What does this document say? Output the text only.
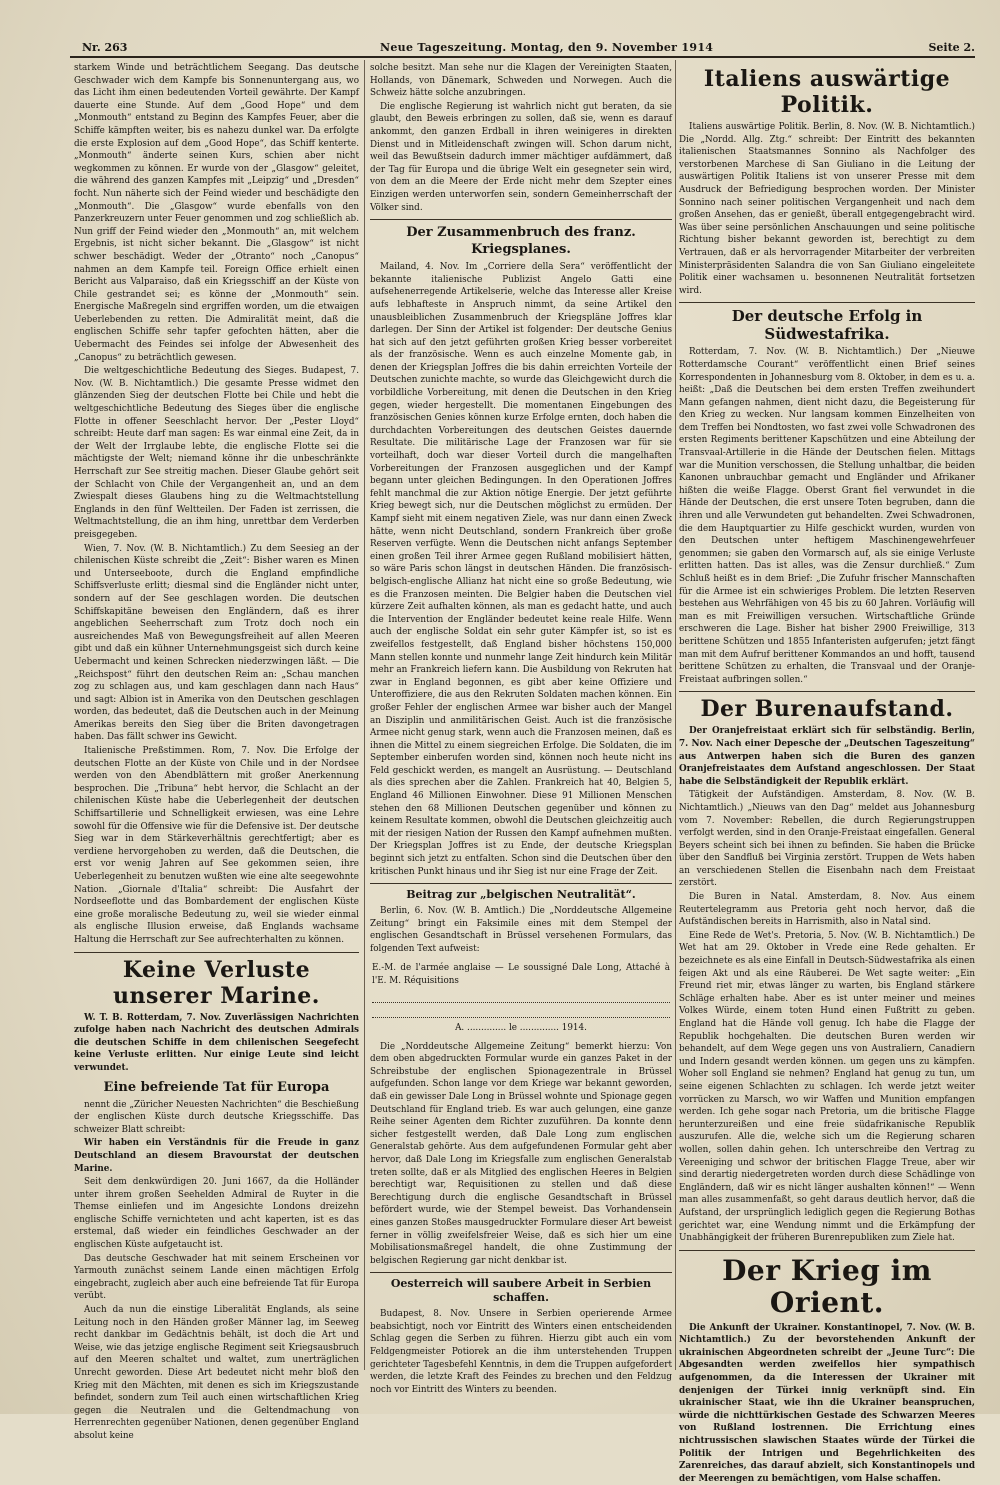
Nr. 263	Neue Tageszeitung. Montag, den 9. November 1914	Seite 2.

starkem Winde und beträchtlichem Seegang. Das deutsche Geschwader wich dem Kampfe bis Sonnenuntergang aus, wo das Licht ihm einen bedeutenden Vorteil gewährte. Der Kampf dauerte eine Stunde. Auf dem „Good Hope“ und dem „Monmouth“ entstand zu Beginn des Kampfes Feuer, aber die Schiffe kämpften weiter, bis es nahezu dunkel war. Da erfolgte die erste Explosion auf dem „Good Hope“, das Schiff kenterte. „Monmouth“ änderte seinen Kurs, schien aber nicht wegkommen zu können. Er wurde von der „Glasgow“ geleitet, die während des ganzen Kampfes mit „Leipzig“ und „Dresden“ focht. Nun näherte sich der Feind wieder und beschädigte den „Monmouth“. Die „Glasgow“ wurde ebenfalls von den Panzerkreuzern unter Feuer genommen und zog schließlich ab. Nun griff der Feind wieder den „Monmouth“ an, mit welchem Ergebnis, ist nicht sicher bekannt. Die „Glasgow“ ist nicht schwer beschädigt. Weder der „Otranto“ noch „Canopus“ nahmen an dem Kampfe teil. Foreign Office erhielt einen Bericht aus Valparaiso, daß ein Kriegsschiff an der Küste von Chile gestrandet sei; es könne der „Monmouth“ sein. Energische Maßregeln sind ergriffen worden, um die etwaigen Ueberlebenden zu retten. Die Admiralität meint, daß die englischen Schiffe sehr tapfer gefochten hätten, aber die Uebermacht des Feindes sei infolge der Abwesenheit des „Canopus“ zu beträchtlich gewesen.

Die weltgeschichtliche Bedeutung des Sieges. Budapest, 7. Nov. (W. B. Nichtamtlich.) Die gesamte Presse widmet den glänzenden Sieg der deutschen Flotte bei Chile und hebt die weltgeschichtliche Bedeutung des Sieges über die englische Flotte in offener Seeschlacht hervor. Der „Pester Lloyd“ schreibt: Heute darf man sagen: Es war einmal eine Zeit, da in der Welt der Irrglaube lebte, die englische Flotte sei die mächtigste der Welt; niemand könne ihr die unbeschränkte Herrschaft zur See streitig machen. Dieser Glaube gehört seit der Schlacht von Chile der Vergangenheit an, und an dem Zwiespalt dieses Glaubens hing zu die Weltmachtstellung Englands in den fünf Weltteilen. Der Faden ist zerrissen, die Weltmachtstellung, die an ihm hing, unrettbar dem Verderben preisgegeben.

Wien, 7. Nov. (W. B. Nichtamtlich.) Zu dem Seesieg an der chilenischen Küste schreibt die „Zeit“: Bisher waren es Minen und Unterseeboote, durch die England empfindliche Schiffsverluste erlitt; diesmal sind die Engländer nicht unter, sondern auf der See geschlagen worden. Die deutschen Schiffskapitäne beweisen den Engländern, daß es ihrer angeblichen Seeherrschaft zum Trotz doch noch ein ausreichendes Maß von Bewegungsfreiheit auf allen Meeren gibt und daß ein kühner Unternehmungsgeist sich durch keine Uebermacht und keinen Schrecken niederzwingen läßt. — Die „Reichspost“ führt den deutschen Reim an: „Schau manchen zog zu schlagen aus, und kam geschlagen dann nach Haus“ und sagt: Albion ist in Amerika von den Deutschen geschlagen worden, das bedeutet, daß die Deutschen auch in der Meinung Amerikas bereits den Sieg über die Briten davongetragen haben. Das fällt schwer ins Gewicht.

Italienische Preßstimmen. Rom, 7. Nov. Die Erfolge der deutschen Flotte an der Küste von Chile und in der Nordsee werden von den Abendblättern mit großer Anerkennung besprochen. Die „Tribuna“ hebt hervor, die Schlacht an der chilenischen Küste habe die Ueberlegenheit der deutschen Schiffsartillerie und Schnelligkeit erwiesen, was eine Lehre sowohl für die Offensive wie für die Defensive ist. Der deutsche Sieg war in dem Stärkeverhältnis gerechtfertigt; aber es verdiene hervorgehoben zu werden, daß die Deutschen, die erst vor wenig Jahren auf See gekommen seien, ihre Ueberlegenheit zu benutzen wußten wie eine alte seegewohnte Nation. „Giornale d'Italia“ schreibt: Die Ausfahrt der Nordseeflotte und das Bombardement der englischen Küste eine große moralische Bedeutung zu, weil sie wieder einmal als englische Illusion erweise, daß Englands wachsame Haltung die Herrschaft zur See aufrechterhalten zu können.

Keine Verluste unserer Marine.

W. T. B. Rotterdam, 7. Nov. Zuverlässigen Nachrichten zufolge haben nach Nachricht des deutschen Admirals die deutschen Schiffe in dem chilenischen Seegefecht keine Verluste erlitten. Nur einige Leute sind leicht verwundet.

Eine befreiende Tat für Europa

nennt die „Züricher Neuesten Nachrichten“ die Beschießung der englischen Küste durch deutsche Kriegsschiffe. Das schweizer Blatt schreibt:

Wir haben ein Verständnis für die Freude in ganz Deutschland an diesem Bravourstat der deutschen Marine.

Seit dem denkwürdigen 20. Juni 1667, da die Holländer unter ihrem großen Seehelden Admiral de Ruyter in die Themse einliefen und im Angesichte Londons dreizehn englische Schiffe vernichteten und acht kaperten, ist es das erstemal, daß wieder ein feindliches Geschwader an der englischen Küste aufgetaucht ist.

Das deutsche Geschwader hat mit seinem Erscheinen vor Yarmouth zunächst seinem Lande einen mächtigen Erfolg eingebracht, zugleich aber auch eine befreiende Tat für Europa verübt.

Auch da nun die einstige Liberalität Englands, als seine Leitung noch in den Händen großer Männer lag, im Seeweg recht dankbar im Gedächtnis behält, ist doch die Art und Weise, wie das jetzige englische Regiment seit Kriegsausbruch auf den Meeren schaltet und waltet, zum unerträglichen Unrecht geworden. Diese Art bedeutet nicht mehr bloß den Krieg mit den Mächten, mit denen es sich im Kriegszustande befindet, sondern zum Teil auch einen wirtschaftlichen Krieg gegen die Neutralen und die Geltendmachung von Herrenrechten gegenüber Nationen, denen gegenüber England absolut keine

solche besitzt. Man sehe nur die Klagen der Vereinigten Staaten, Hollands, von Dänemark, Schweden und Norwegen. Auch die Schweiz hätte solche anzubringen.

Die englische Regierung ist wahrlich nicht gut beraten, da sie glaubt, den Beweis erbringen zu sollen, daß sie, wenn es darauf ankommt, den ganzen Erdball in ihren weinigeres in direkten Dienst und in Mitleidenschaft zwingen will. Schon darum nicht, weil das Bewußtsein dadurch immer mächtiger aufdämmert, daß der Tag für Europa und die übrige Welt ein gesegneter sein wird, von dem an die Meere der Erde nicht mehr dem Szepter eines Einzigen werden unterworfen sein, sondern Gemeinherrschaft der Völker sind.

Der Zusammenbruch des franz. Kriegsplanes.

Mailand, 4. Nov. Im „Corriere della Sera“ veröffentlicht der bekannte italienische Publizist Angelo Gatti eine aufsehenerregende Artikelserie, welche das Interesse aller Kreise aufs lebhafteste in Anspruch nimmt, da seine Artikel den unausbleiblichen Zusammenbruch der Kriegspläne Joffres klar darlegen. Der Sinn der Artikel ist folgender: Der deutsche Genius hat sich auf den jetzt geführten großen Krieg besser vorbereitet als der französische. Wenn es auch einzelne Momente gab, in denen der Kriegsplan Joffres die bis dahin erreichten Vorteile der Deutschen zunichte machte, so wurde das Gleichgewicht durch die vorbildliche Vorbereitung, mit denen die Deutschen in den Krieg gegen, wieder hergestellt. Die momentanen Eingebungen des französischen Genies können kurze Erfolge ernten, doch haben die durchdachten Vorbereitungen des deutschen Geistes dauernde Resultate. Die militärische Lage der Franzosen war für sie vorteilhaft, doch war dieser Vorteil durch die mangelhaften Vorbereitungen der Franzosen ausgeglichen und der Kampf begann unter gleichen Bedingungen. In den Operationen Joffres fehlt manchmal die zur Aktion nötige Energie. Der jetzt geführte Krieg bewegt sich, nur die Deutschen möglichst zu ermüden. Der Kampf sieht mit einem negativen Ziele, was nur dann einen Zweck hätte, wenn nicht Deutschland, sondern Frankreich über große Reserven verfügte. Wenn die Deutschen nicht anfangs September einen großen Teil ihrer Armee gegen Rußland mobilisiert hätten, so wäre Paris schon längst in deutschen Händen. Die französisch-belgisch-englische Allianz hat nicht eine so große Bedeutung, wie es die Franzosen meinten. Die Belgier haben die Deutschen viel kürzere Zeit aufhalten können, als man es gedacht hatte, und auch die Intervention der Engländer bedeutet keine reale Hilfe. Wenn auch der englische Soldat ein sehr guter Kämpfer ist, so ist es zweifellos festgestellt, daß England bisher höchstens 150,000 Mann stellen konnte und nunmehr lange Zeit hindurch kein Militär mehr an Frankreich liefern kann. Die Ausbildung von Rekruten hat zwar in England begonnen, es gibt aber keine Offiziere und Unteroffiziere, die aus den Rekruten Soldaten machen können. Ein großer Fehler der englischen Armee war bisher auch der Mangel an Disziplin und anmilitärischen Geist. Auch ist die französische Armee nicht genug stark, wenn auch die Franzosen meinen, daß es ihnen die Mittel zu einem siegreichen Erfolge. Die Soldaten, die im September einberufen worden sind, können noch heute nicht ins Feld geschickt werden, es mangelt an Ausrüstung. — Deutschland als dies sprechen aber die Zahlen. Frankreich hat 40, Belgien 5, England 46 Millionen Einwohner. Diese 91 Millionen Menschen stehen den 68 Millionen Deutschen gegenüber und können zu keinem Resultate kommen, obwohl die Deutschen gleichzeitig auch mit der riesigen Nation der Russen den Kampf aufnehmen mußten. Der Kriegsplan Joffres ist zu Ende, der deutsche Kriegsplan beginnt sich jetzt zu entfalten. Schon sind die Deutschen über den kritischen Punkt hinaus und ihr Sieg ist nur eine Frage der Zeit.

Beitrag zur „belgischen Neutralität“.

Berlin, 6. Nov. (W. B. Amtlich.) Die „Norddeutsche Allgemeine Zeitung“ bringt ein Faksimile eines mit dem Stempel der englischen Gesandtschaft in Brüssel versehenen Formulars, das folgenden Text aufweist:

E.-M. de l'armée anglaise — Le soussigné Dale Long, Attaché à l'E. M. Réquisitions
A. .............. le .............. 1914.

Die „Norddeutsche Allgemeine Zeitung“ bemerkt hierzu: Von dem oben abgedruckten Formular wurde ein ganzes Paket in der Schreibstube der englischen Spionagezentrale in Brüssel aufgefunden. Schon lange vor dem Kriege war bekannt geworden, daß ein gewisser Dale Long in Brüssel wohnte und Spionage gegen Deutschland für England trieb. Es war auch gelungen, eine ganze Reihe seiner Agenten dem Richter zuzuführen. Da konnte denn sicher festgestellt werden, daß Dale Long zum englischen Generalstab gehörte. Aus dem aufgefundenen Formular geht aber hervor, daß Dale Long im Kriegsfalle zum englischen Generalstab treten sollte, daß er als Mitglied des englischen Heeres in Belgien berechtigt war, Requisitionen zu stellen und daß diese Berechtigung durch die englische Gesandtschaft in Brüssel befördert wurde, wie der Stempel beweist. Das Vorhandensein eines ganzen Stoßes mausgedruckter Formulare dieser Art beweist ferner in völlig zweifelsfreier Weise, daß es sich hier um eine Mobilisationsmaßregel handelt, die ohne Zustimmung der belgischen Regierung gar nicht denkbar ist.

Oesterreich will saubere Arbeit in Serbien schaffen.

Budapest, 8. Nov. Unsere in Serbien operierende Armee beabsichtigt, noch vor Eintritt des Winters einen entscheidenden Schlag gegen die Serben zu führen. Hierzu gibt auch ein vom Feldgengmeister Potiorek an die ihm unterstehenden Truppen gerichteter Tagesbefehl Kenntnis, in dem die Truppen aufgefordert werden, die letzte Kraft des Feindes zu brechen und den Feldzug noch vor Eintritt des Winters zu beenden.

Italiens auswärtige Politik.

Italiens auswärtige Politik. Berlin, 8. Nov. (W. B. Nichtamtlich.) Die „Nordd. Allg. Ztg.“ schreibt: Der Eintritt des bekannten italienischen Staatsmannes Sonnino als Nachfolger des verstorbenen Marchese di San Giuliano in die Leitung der auswärtigen Politik Italiens ist von unserer Presse mit dem Ausdruck der Befriedigung besprochen worden. Der Minister Sonnino nach seiner politischen Vergangenheit und nach dem großen Ansehen, das er genießt, überall entgegengebracht wird. Was über seine persönlichen Anschauungen und seine politische Richtung bisher bekannt geworden ist, berechtigt zu dem Vertrauen, daß er als hervorragender Mitarbeiter der verbreiten Ministerpräsidenten Salandra die von San Giuliano eingeleitete Politik einer wachsamen u. besonnenen Neutralität fortsetzen wird.

Der deutsche Erfolg in Südwestafrika.

Rotterdam, 7. Nov. (W. B. Nichtamtlich.) Der „Nieuwe Rotterdamsche Courant“ veröffentlicht einen Brief seines Korrespondenten in Johannesburg vom 8. Oktober, in dem es u. a. heißt: „Daß die Deutschen bei dem ersten Treffen zweihundert Mann gefangen nahmen, dient nicht dazu, die Begeisterung für den Krieg zu wecken. Nur langsam kommen Einzelheiten von dem Treffen bei Nondtosten, wo fast zwei volle Schwadronen des ersten Regiments berittener Kapschützen und eine Abteilung der Transvaal-Artillerie in die Hände der Deutschen fielen. Mittags war die Munition verschossen, die Stellung unhaltbar, die beiden Kanonen unbrauchbar gemacht und Engländer und Afrikaner hißten die weiße Flagge. Oberst Grant fiel verwundet in die Hände der Deutschen, die erst unsere Toten begruben, dann die ihren und alle Verwundeten gut behandelten. Zwei Schwadronen, die dem Hauptquartier zu Hilfe geschickt wurden, wurden von den Deutschen unter heftigem Maschinengewehrfeuer genommen; sie gaben den Vormarsch auf, als sie einige Verluste erlitten hatten. Das ist alles, was die Zensur durchließ.“ Zum Schluß heißt es in dem Brief: „Die Zufuhr frischer Mannschaften für die Armee ist ein schwieriges Problem. Die letzten Reserven bestehen aus Wehrfähigen von 45 bis zu 60 Jahren. Vorläufig will man es mit Freiwilligen versuchen. Wirtschaftliche Gründe erschweren die Lage. Bisher hat bisher 2900 Freiwillige, 313 berittene Schützen und 1855 Infanteristen aufgerufen; jetzt fängt man mit dem Aufruf berittener Kommandos an und hofft, tausend berittene Schützen zu erhalten, die Transvaal und der Oranje-Freistaat aufbringen sollen.“

Der Burenaufstand.

Der Oranjefreistaat erklärt sich für selbständig. Berlin, 7. Nov. Nach einer Depesche der „Deutschen Tageszeitung“ aus Antwerpen haben sich die Buren des ganzen Oranjefreistaates dem Aufstand angeschlossen. Der Staat habe die Selbständigkeit der Republik erklärt.

Tätigkeit der Aufständigen. Amsterdam, 8. Nov. (W. B. Nichtamtlich.) „Nieuws van den Dag“ meldet aus Johannesburg vom 7. November: Rebellen, die durch Regierungstruppen verfolgt werden, sind in den Oranje-Freistaat eingefallen. General Beyers scheint sich bei ihnen zu befinden. Sie haben die Brücke über den Sandfluß bei Virginia zerstört. Truppen de Wets haben an verschiedenen Stellen die Eisenbahn nach dem Freistaat zerstört.

Die Buren in Natal. Amsterdam, 8. Nov. Aus einem Reutertelegramm aus Pretoria geht noch hervor, daß die Aufständischen bereits in Harrismith, also in Natal sind.

Eine Rede de Wet's. Pretoria, 5. Nov. (W. B. Nichtamtlich.) De Wet hat am 29. Oktober in Vrede eine Rede gehalten. Er bezeichnete es als eine Einfall in Deutsch-Südwestafrika als einen feigen Akt und als eine Räuberei. De Wet sagte weiter: „Ein Freund riet mir, etwas länger zu warten, bis England stärkere Schläge erhalten habe. Aber es ist unter meiner und meines Volkes Würde, einem toten Hund einen Fußtritt zu geben. England hat die Hände voll genug. Ich habe die Flagge der Republik hochgehalten. Die deutschen Buren werden wir behandelt, auf dem Wege gegen uns von Australiern, Canadiern und Indern gesandt werden können. um gegen uns zu kämpfen. Woher soll England sie nehmen? England hat genug zu tun, um seine eigenen Schlachten zu schlagen. Ich werde jetzt weiter vorrücken zu Marsch, wo wir Waffen und Munition empfangen werden. Ich gehe sogar nach Pretoria, um die britische Flagge herunterzureißen und eine freie südafrikanische Republik auszurufen. Alle die, welche sich um die Regierung scharen wollen, sollen dahin gehen. Ich unterschreibe den Vertrag zu Vereeniging und schwor der britischen Flagge Treue, aber wir sind derartig niedergetreten worden durch diese Schädlinge von Engländern, daß wir es nicht länger aushalten können!“ — Wenn man alles zusammenfaßt, so geht daraus deutlich hervor, daß die Aufstand, der ursprünglich lediglich gegen die Regierung Bothas gerichtet war, eine Wendung nimmt und die Erkämpfung der Unabhängigkeit der früheren Burenrepubliken zum Ziele hat.

Der Krieg im Orient.

Die Ankunft der Ukrainer. Konstantinopel, 7. Nov. (W. B. Nichtamtlich.) Zu der bevorstehenden Ankunft der ukrainischen Abgeordneten schreibt der „Jeune Turc“: Die Abgesandten werden zweifellos hier sympathisch aufgenommen, da die Interessen der Ukrainer mit denjenigen der Türkei innig verknüpft sind. Ein ukrainischer Staat, wie ihn die Ukrainer beanspruchen, würde die nichttürkischen Gestade des Schwarzen Meeres von Rußland lostrennen. Die Errichtung eines nichtrussischen slawischen Staates würde der Türkei die Politik der Intrigen und Begehrlichkeiten des Zarenreiches, das darauf abzielt, sich Konstantinopels und der Meerengen zu bemächtigen, vom Halse schaffen.
